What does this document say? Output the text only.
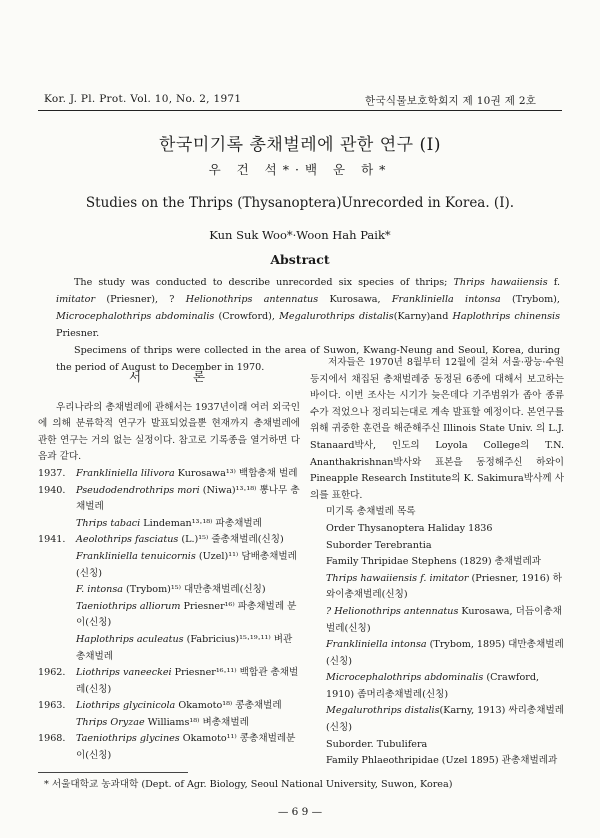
Kor. J. Pl. Prot. Vol. 10, No. 2, 1971	한국식물보호학회지 제 10권 제 2호
한국미기록 총채벌레에 관한 연구 (I)
우 건 석*·백 운 하*
Studies on the Thrips (Thysanoptera)Unrecorded in Korea. (I).
Kun Suk Woo*·Woon Hah Paik*
Abstract

The study was conducted to describe unrecorded six species of thrips; Thrips hawaiiensis f. imitator (Priesner), ? Helionothrips antennatus Kurosawa, Frankliniella intonsa (Trybom), Microcephalothrips abdominalis (Crowford), Megalurothrips distalis(Karny)and Haplothrips chinensis Priesner.

Specimens of thrips were collected in the area of Suwon, Kwang-Neung and Seoul, Korea, during the period of August to December in 1970.

서 론

우리나라의 총채벌레에 관해서는 1937년이래 여러 외국인에 의해 분류학적 연구가 발표되었을뿐 현재까지 총채벌레에 관한 연구는 거의 없는 실정이다. 참고로 기록종을 열거하면 다음과 같다.

1937.	Frankliniella lilivora Kurosawa¹³⁾ 백합총채 벌레
1940.	Pseudodendrothrips mori (Niwa)¹³·¹⁸⁾ 뽕나무 총채벌레
Thrips tabaci Lindeman¹³·¹⁸⁾ 파총채벌레
1941.	Aeolothrips fasciatus (L.)¹⁵⁾ 줄총채벌레(신칭)
Frankliniella tenuicornis (Uzel)¹¹⁾ 담배총채벌레(신칭)
F. intonsa (Trybom)¹⁵⁾ 대만총채벌레(신칭)
Taeniothrips alliorum Priesner¹⁶⁾ 파총채벌레 분이(신칭)
Haplothrips aculeatus (Fabricius)¹⁵·¹⁹·¹¹⁾ 벼관총채벌레
1962.	Liothrips vaneeckei Priesner¹⁶·¹¹⁾ 백합관 총채벌레(신칭)
1963.	Liothrips glycinicola Okamoto¹⁸⁾ 콩총채벌레
Thrips Oryzae Williams¹⁸⁾ 벼총채벌레
1968.	Taeniothrips glycines Okamoto¹¹⁾ 콩총채벌레분이(신칭)

저자들은 1970년 8월부터 12월에 걸쳐 서울·광능·수원등지에서 채집된 총채벌레중 동정된 6종에 대해서 보고하는 바이다. 이번 조사는 시기가 늦은데다 기주범위가 좁아 종류수가 적었으나 정리되는대로 계속 발표할 예정이다. 본연구를 위해 귀중한 훈련을 해준해주신 Illinois State Univ. 의 L.J. Stanaard박사, 인도의 Loyola College의 T.N. Ananthakrishnan박사와 표본을 동정해주신 하와이 Pineapple Research Institute의 K. Sakimura박사께 사의를 표한다.

미기록 총채벌레 목록

Order Thysanoptera Haliday 1836

Suborder Terebrantia

Family Thripidae Stephens (1829) 총채벌레과

Thrips hawaiiensis f. imitator (Priesner, 1916) 하와이총채벌레(신칭)

? Helionothrips antennatus Kurosawa, 더듬이총채 벌레(신칭)

Frankliniella intonsa (Trybom, 1895) 대만총채벌레(신칭)

Microcephalothrips abdominalis (Crawford, 1910) 좀머리총채벌레(신칭)

Megalurothrips distalis(Karny, 1913) 싸리총채벌레(신칭)

Suborder. Tubulifera

Family Phlaeothripidae (Uzel 1895) 관총채벌레과

* 서울대학교 농과대학 (Dept. of Agr. Biology, Seoul National University, Suwon, Korea)
— 6 9 —
